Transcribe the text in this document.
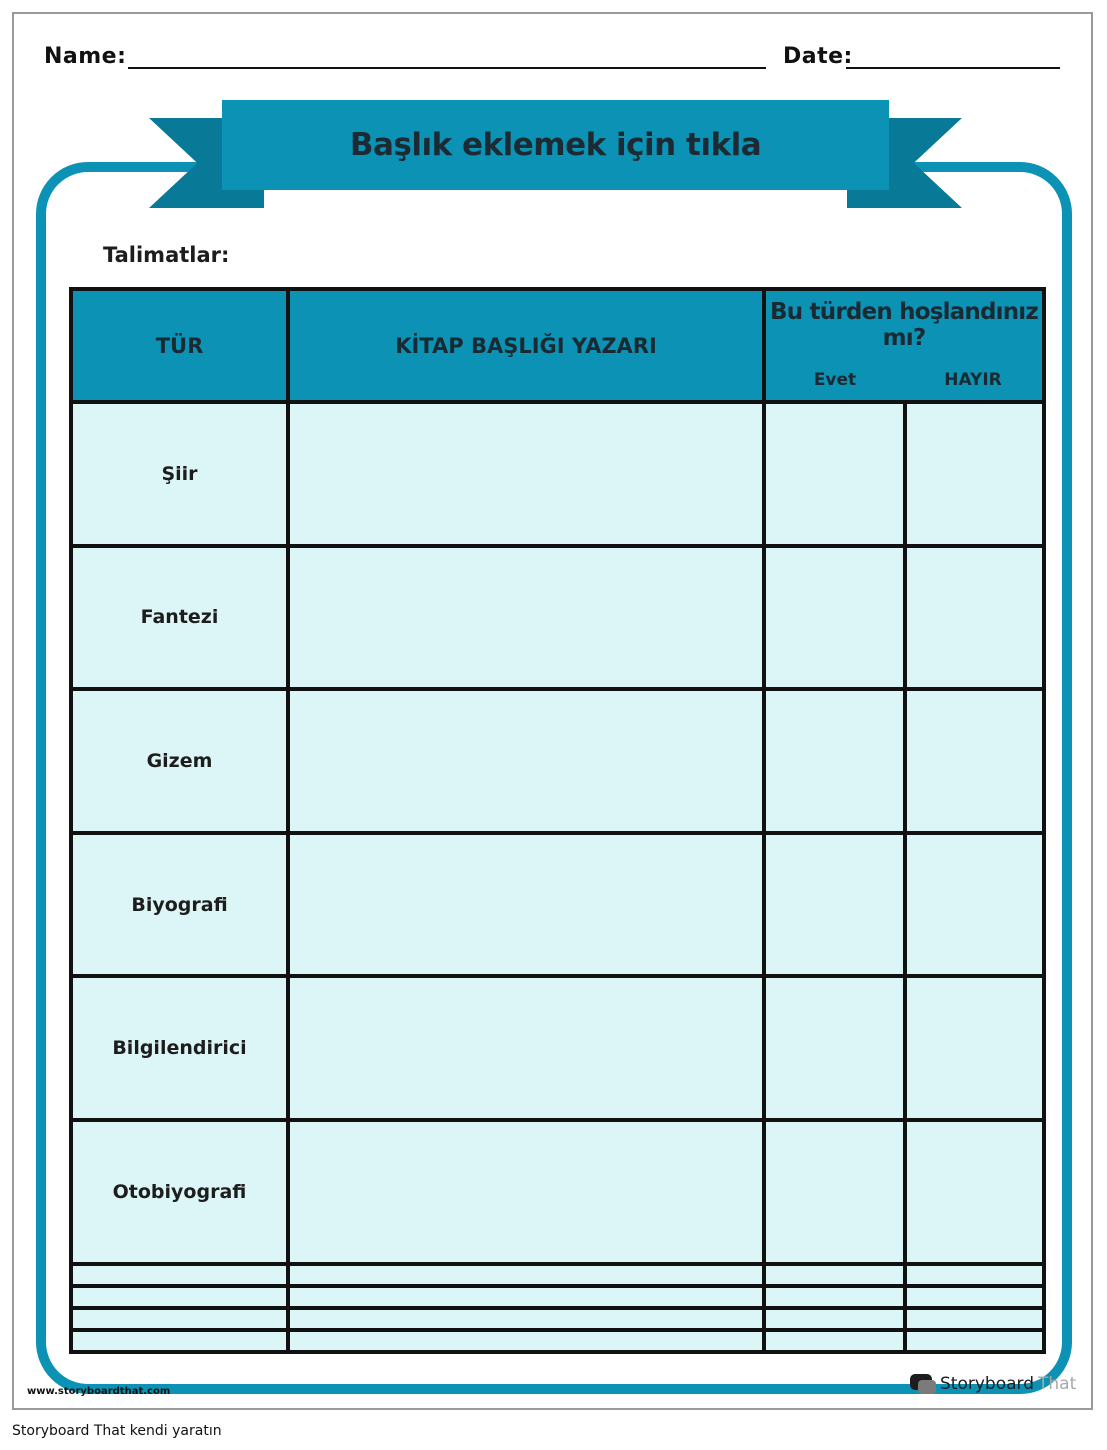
Name:	Date:
Başlık eklemek için tıkla
Talimatlar:
TÜR	KİTAP BAŞLIĞI YAZARI	Bu türden hoşlandınız mı?
Evet HAYIR	

Şiir			
Fantezi			
Gizem			
Biyografi			
Bilgilendirici			
Otobiyografi			

www.storyboardthat.com	Storyboard That
Storyboard That kendi yaratın
